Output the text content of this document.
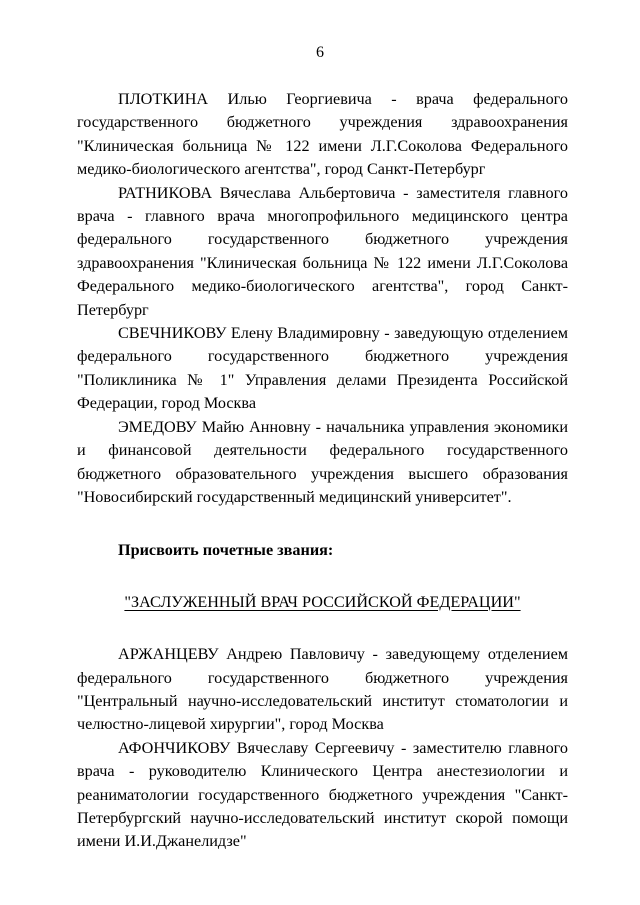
6

ПЛОТКИНА Илью Георгиевича - врача федерального государственного бюджетного учреждения здравоохранения "Клиническая больница № 122 имени Л.Г.Соколова Федерального медико-биологического агентства", город Санкт-Петербург

РАТНИКОВА Вячеслава Альбертовича - заместителя главного врача - главного врача многопрофильного медицинского центра федерального государственного бюджетного учреждения здравоохранения "Клиническая больница № 122 имени Л.Г.Соколова Федерального медико-биологического агентства", город Санкт-Петербург

СВЕЧНИКОВУ Елену Владимировну - заведующую отделением федерального государственного бюджетного учреждения "Поликлиника № 1" Управления делами Президента Российской Федерации, город Москва

ЭМЕДОВУ Майю Анновну - начальника управления экономики и финансовой деятельности федерального государственного бюджетного образовательного учреждения высшего образования "Новосибирский государственный медицинский университет".

Присвоить почетные звания:

"ЗАСЛУЖЕННЫЙ ВРАЧ РОССИЙСКОЙ ФЕДЕРАЦИИ"

АРЖАНЦЕВУ Андрею Павловичу - заведующему отделением федерального государственного бюджетного учреждения "Центральный научно-исследовательский институт стоматологии и челюстно-лицевой хирургии", город Москва

АФОНЧИКОВУ Вячеславу Сергеевичу - заместителю главного врача - руководителю Клинического Центра анестезиологии и реаниматологии государственного бюджетного учреждения "Санкт-Петербургский научно-исследовательский институт скорой помощи имени И.И.Джанелидзе"
